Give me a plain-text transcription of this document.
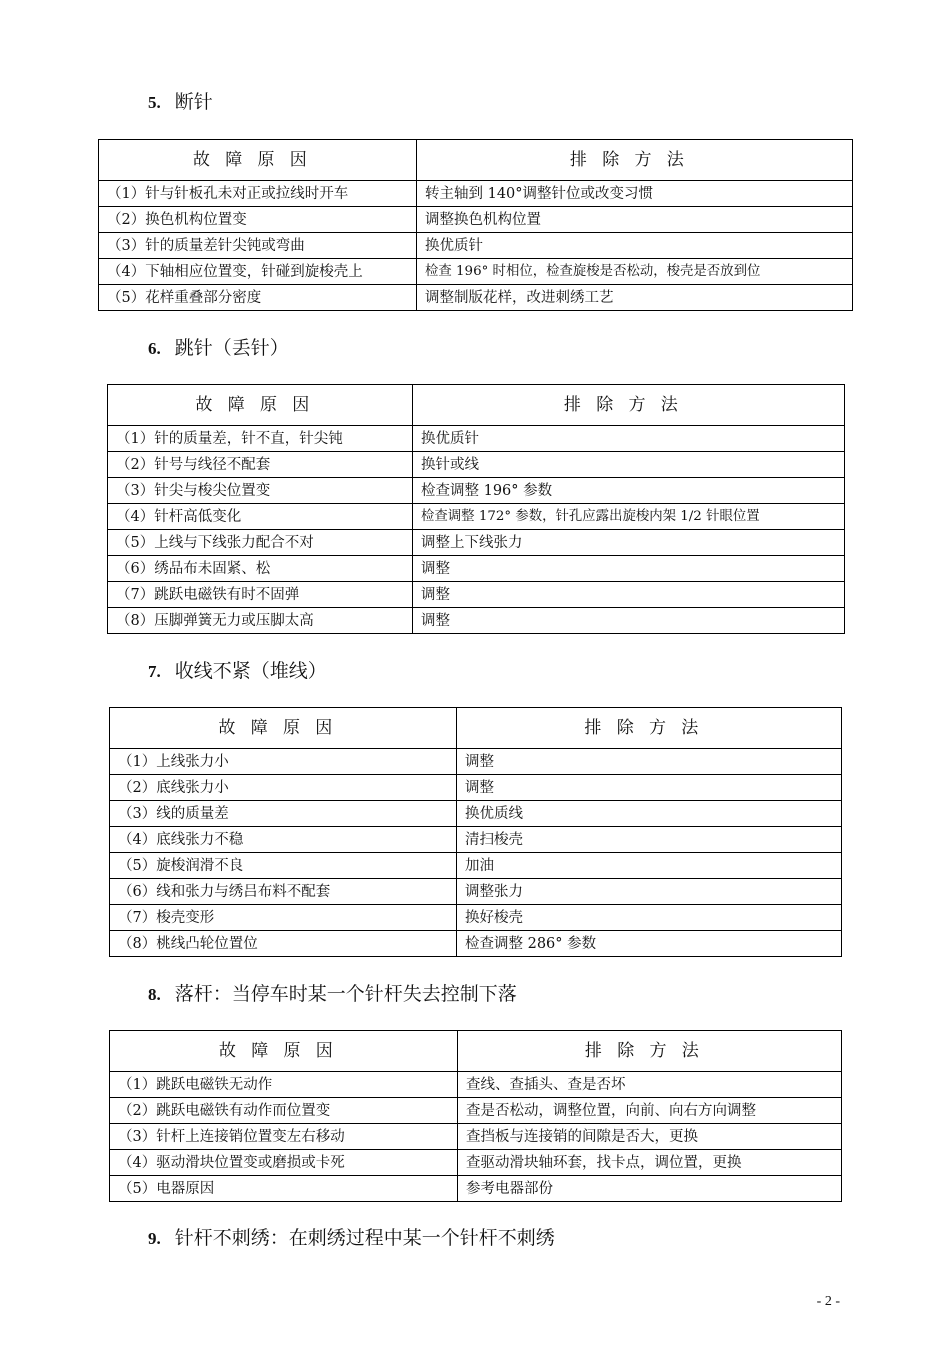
5. 断针
故障原因	排除方法
（1）针与针板孔未对正或拉线时开车	转主轴到 140°调整针位或改变习惯
（2）换色机构位置变	调整换色机构位置
（3）针的质量差针尖钝或弯曲	换优质针
（4）下轴相应位置变，针碰到旋梭壳上	检查 196° 时相位，检查旋梭是否松动，梭壳是否放到位
（5）花样重叠部分密度	调整制版花样，改进刺绣工艺
6. 跳针（丢针）
故障原因	排除方法
（1）针的质量差，针不直，针尖钝	换优质针
（2）针号与线径不配套	换针或线
（3）针尖与梭尖位置变	检查调整 196° 参数
（4）针杆高低变化	检查调整 172° 参数，针孔应露出旋梭内架 1/2 针眼位置
（5）上线与下线张力配合不对	调整上下线张力
（6）绣品布未固紧、松	调整
（7）跳跃电磁铁有时不固弹	调整
（8）压脚弹簧无力或压脚太高	调整
7. 收线不紧（堆线）
故障原因	排除方法
（1）上线张力小	调整
（2）底线张力小	调整
（3）线的质量差	换优质线
（4）底线张力不稳	清扫梭壳
（5）旋梭润滑不良	加油
（6）线和张力与绣吕布料不配套	调整张力
（7）梭壳变形	换好梭壳
（8）桃线凸轮位置位	检查调整 286° 参数
8. 落杆：当停车时某一个针杆失去控制下落
故障原因	排除方法
（1）跳跃电磁铁无动作	查线、查插头、查是否坏
（2）跳跃电磁铁有动作而位置变	查是否松动，调整位置，向前、向右方向调整
（3）针杆上连接销位置变左右移动	查挡板与连接销的间隙是否大，更换
（4）驱动滑块位置变或磨损或卡死	查驱动滑块轴环套，找卡点，调位置，更换
（5）电器原因	参考电器部份
9. 针杆不刺绣：在刺绣过程中某一个针杆不刺绣
- 2 -
